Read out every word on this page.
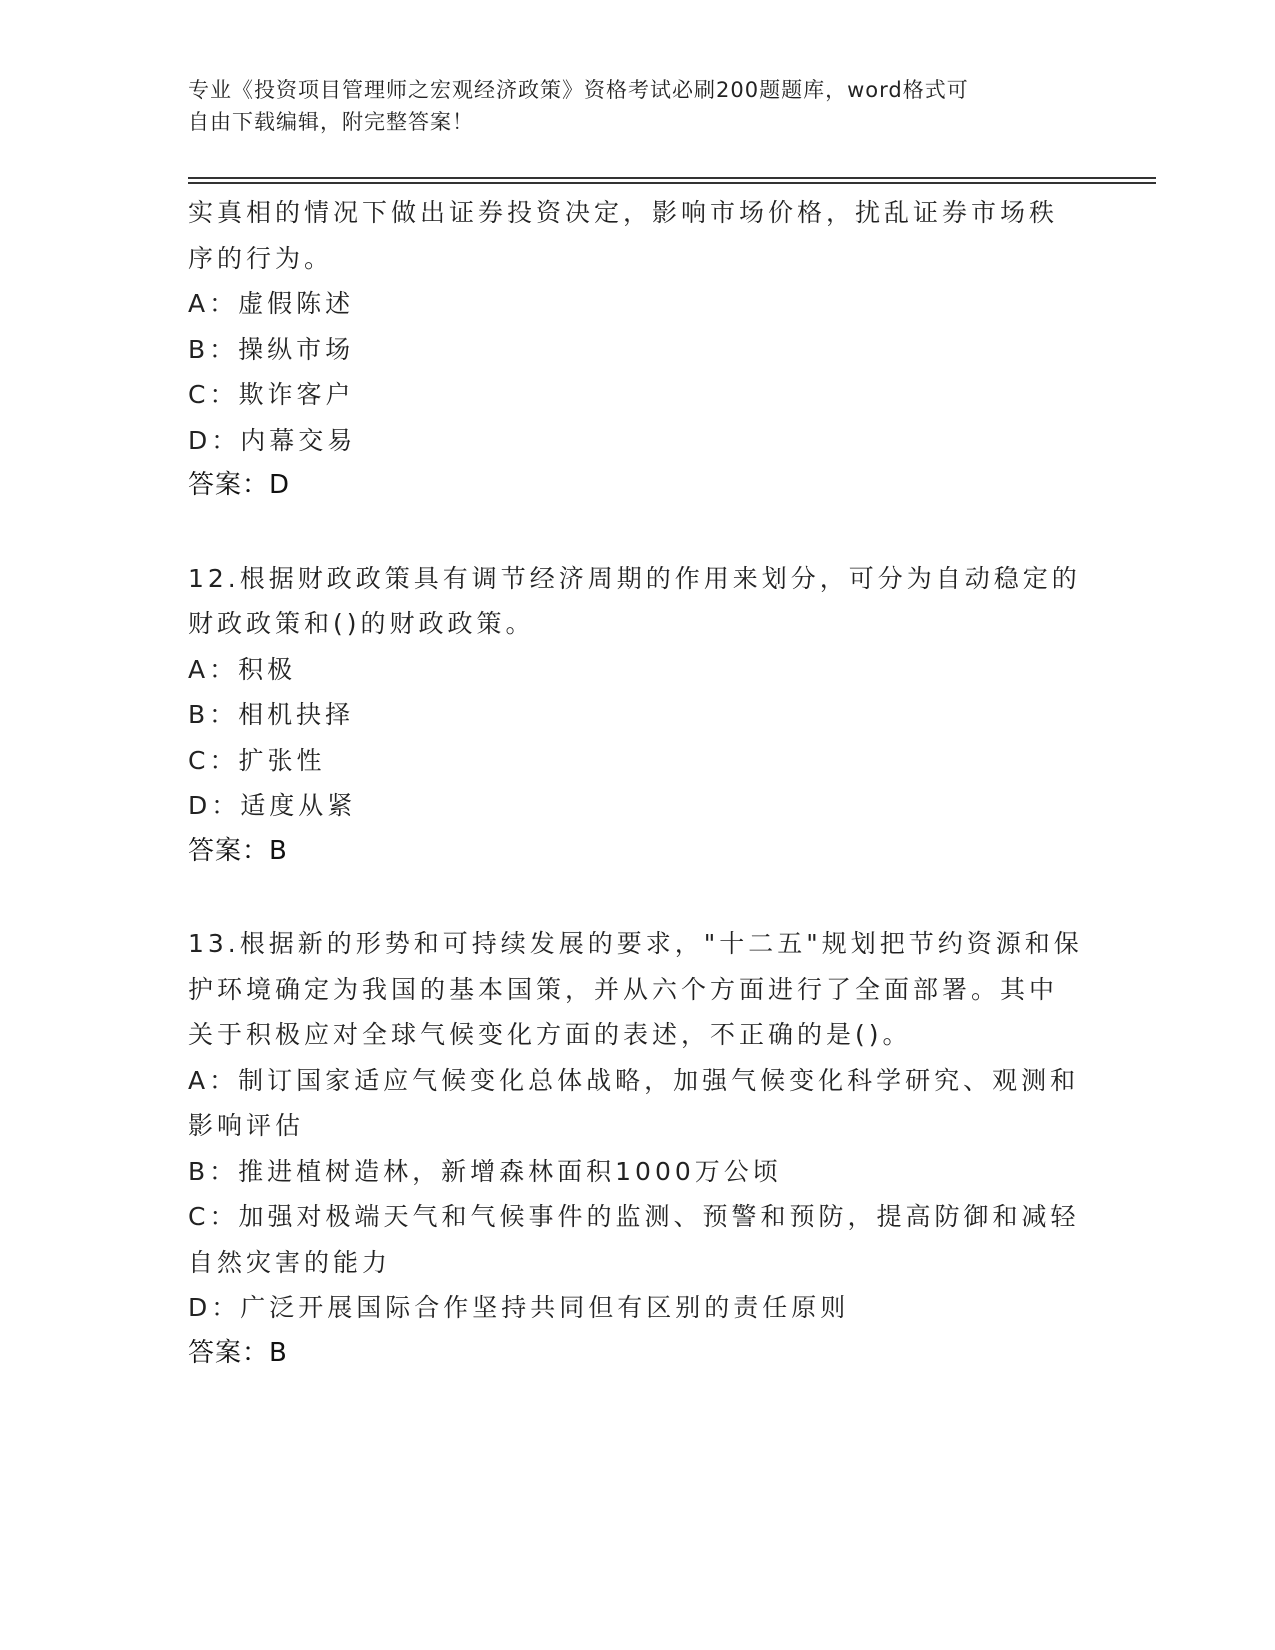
专业《投资项目管理师之宏观经济政策》资格考试必刷200题题库，word格式可
自由下载编辑，附完整答案！
实真相的情况下做出证券投资决定，影响市场价格，扰乱证券市场秩
序的行为。
A：虚假陈述
B：操纵市场
C：欺诈客户
D：内幕交易
答案：D
12.根据财政政策具有调节经济周期的作用来划分，可分为自动稳定的
财政政策和()的财政政策。
A：积极
B：相机抉择
C：扩张性
D：适度从紧
答案：B
13.根据新的形势和可持续发展的要求，"十二五"规划把节约资源和保
护环境确定为我国的基本国策，并从六个方面进行了全面部署。其中
关于积极应对全球气候变化方面的表述，不正确的是()。
A：制订国家适应气候变化总体战略，加强气候变化科学研究、观测和
影响评估
B：推进植树造林，新增森林面积1000万公顷
C：加强对极端天气和气候事件的监测、预警和预防，提高防御和减轻
自然灾害的能力
D：广泛开展国际合作坚持共同但有区别的责任原则
答案：B
